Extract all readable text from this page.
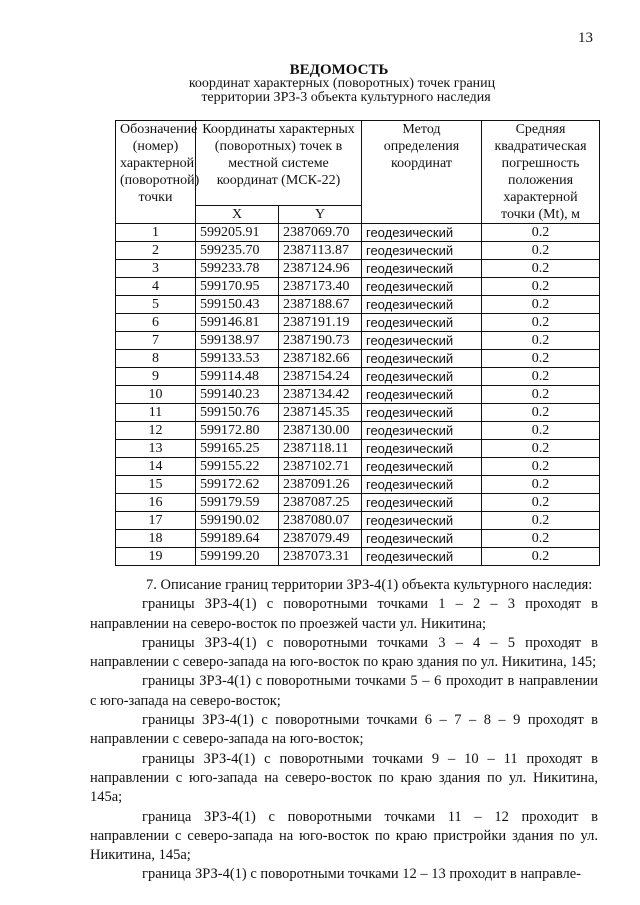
13
ВЕДОМОСТЬ
координат характерных (поворотных) точек границ
территории ЗРЗ-3 объекта культурного наследия
Обозначение (номер) характерной (поворотной) точки	Координаты характерных (поворотных) точек в местной системе координат (МСК-22)		Метод определения координат	Средняя квадратическая погрешность положения характерной точки (Mt), м
	X	Y		
1	599205.91	2387069.70	геодезический	0.2
2	599235.70	2387113.87	геодезический	0.2
3	599233.78	2387124.96	геодезический	0.2
4	599170.95	2387173.40	геодезический	0.2
5	599150.43	2387188.67	геодезический	0.2
6	599146.81	2387191.19	геодезический	0.2
7	599138.97	2387190.73	геодезический	0.2
8	599133.53	2387182.66	геодезический	0.2
9	599114.48	2387154.24	геодезический	0.2
10	599140.23	2387134.42	геодезический	0.2
11	599150.76	2387145.35	геодезический	0.2
12	599172.80	2387130.00	геодезический	0.2
13	599165.25	2387118.11	геодезический	0.2
14	599155.22	2387102.71	геодезический	0.2
15	599172.62	2387091.26	геодезический	0.2
16	599179.59	2387087.25	геодезический	0.2
17	599190.02	2387080.07	геодезический	0.2
18	599189.64	2387079.49	геодезический	0.2
19	599199.20	2387073.31	геодезический	0.2

7. Описание границ территории ЗРЗ-4(1) объекта культурного наследия:

границы ЗРЗ-4(1) с поворотными точками 1 – 2 – 3 проходят в направлении на северо-восток по проезжей части ул. Никитина;

границы ЗРЗ-4(1) с поворотными точками 3 – 4 – 5 проходят в направлении с северо-запада на юго-восток по краю здания по ул. Никитина, 145;

границы ЗРЗ-4(1) с поворотными точками 5 – 6 проходит в направлении с юго-запада на северо-восток;

границы ЗРЗ-4(1) с поворотными точками 6 – 7 – 8 – 9 проходят в направлении с северо-запада на юго-восток;

границы ЗРЗ-4(1) с поворотными точками 9 – 10 – 11 проходят в направлении с юго-запада на северо-восток по краю здания по ул. Никитина, 145а;

граница ЗРЗ-4(1) с поворотными точками 11 – 12 проходит в направлении с северо-запада на юго-восток по краю пристройки здания по ул. Никитина, 145а;

граница ЗРЗ-4(1) с поворотными точками 12 – 13 проходит в направле-
